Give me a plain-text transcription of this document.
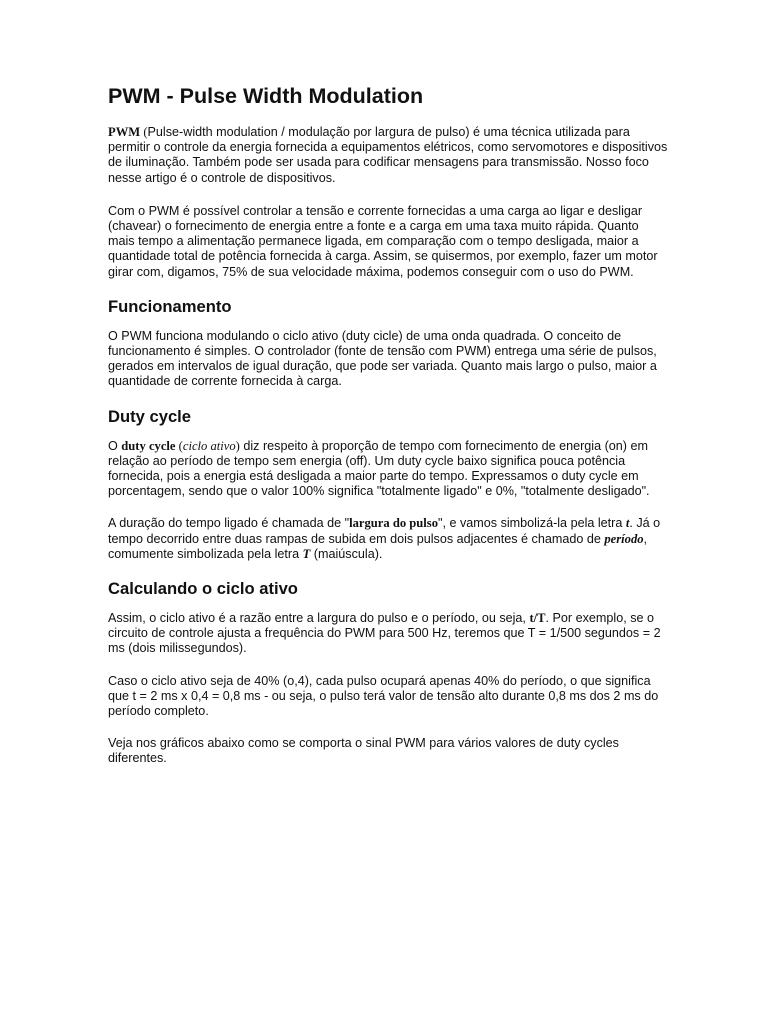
PWM - Pulse Width Modulation

PWM (Pulse-width modulation / modulação por largura de pulso) é uma técnica utilizada para permitir o controle da energia fornecida a equipamentos elétricos, como servomotores e dispositivos de iluminação. Também pode ser usada para codificar mensagens para transmissão. Nosso foco nesse artigo é o controle de dispositivos.

Com o PWM é possível controlar a tensão e corrente fornecidas a uma carga ao ligar e desligar (chavear) o fornecimento de energia entre a fonte e a carga em uma taxa muito rápida. Quanto mais tempo a alimentação permanece ligada, em comparação com o tempo desligada, maior a quantidade total de potência fornecida à carga. Assim, se quisermos, por exemplo, fazer um motor girar com, digamos, 75% de sua velocidade máxima, podemos conseguir com o uso do PWM.

Funcionamento

O PWM funciona modulando o ciclo ativo (duty cicle) de uma onda quadrada. O conceito de funcionamento é simples. O controlador (fonte de tensão com PWM) entrega uma série de pulsos, gerados em intervalos de igual duração, que pode ser variada. Quanto mais largo o pulso, maior a quantidade de corrente fornecida à carga.

Duty cycle

O duty cycle (ciclo ativo) diz respeito à proporção de tempo com fornecimento de energia (on) em relação ao período de tempo sem energia (off). Um duty cycle baixo significa pouca potência fornecida, pois a energia está desligada a maior parte do tempo. Expressamos o duty cycle em porcentagem, sendo que o valor 100% significa "totalmente ligado" e 0%, "totalmente desligado".

A duração do tempo ligado é chamada de "largura do pulso", e vamos simbolizá-la pela letra t. Já o tempo decorrido entre duas rampas de subida em dois pulsos adjacentes é chamado de período, comumente simbolizada pela letra T (maiúscula).

Calculando o ciclo ativo

Assim, o ciclo ativo é a razão entre a largura do pulso e o período, ou seja, t/T. Por exemplo, se o circuito de controle ajusta a frequência do PWM para 500 Hz, teremos que T = 1/500 segundos = 2 ms (dois milissegundos).

Caso o ciclo ativo seja de 40% (o,4), cada pulso ocupará apenas 40% do período, o que significa que t = 2 ms x 0,4 = 0,8 ms - ou seja, o pulso terá valor de tensão alto durante 0,8 ms dos 2 ms do período completo.

Veja nos gráficos abaixo como se comporta o sinal PWM para vários valores de duty cycles diferentes.
